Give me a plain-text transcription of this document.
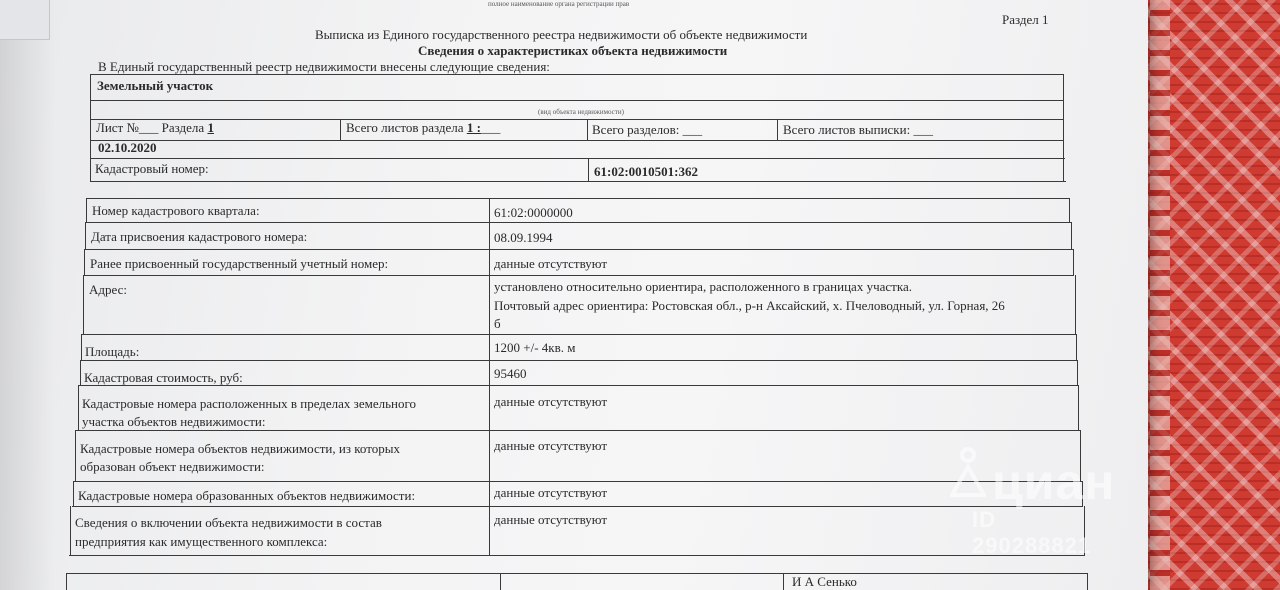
полное наименование органа регистрации прав
Раздел 1
Выписка из Единого государственного реестра недвижимости об объекте недвижимости
Сведения о характеристиках объекта недвижимости
В Единый государственный реестр недвижимости внесены следующие сведения:
Земельный участок
(вид объекта недвижимости)
Лист №___ Раздела 1	Всего листов раздела 1 :___	Всего разделов: ___	Всего листов выписки: ___
02.10.2020
Кадастровый номер:	61:02:0010501:362
Номер кадастрового квартала:	61:02:0000000
Дата присвоения кадастрового номера:	08.09.1994
Ранее присвоенный государственный учетный номер:	данные отсутствуют
Адрес:	установлено относительно ориентира, расположенного в границах участка.
Почтовый адрес ориентира: Ростовская обл., р-н Аксайский, х. Пчеловодный, ул. Горная, 26
б
Площадь:	1200 +/- 4кв. м
Кадастровая стоимость, руб:	95460
Кадастровые номера расположенных в пределах земельного
участка объектов недвижимости:
данные отсутствуют
Кадастровые номера объектов недвижимости, из которых
образован объект недвижимости:
данные отсутствуют
Кадастровые номера образованных объектов недвижимости:	данные отсутствуют
Сведения о включении объекта недвижимости в состав
предприятия как имущественного комплекса:
данные отсутствуют
И А Сенько
циан
ID 290288821
